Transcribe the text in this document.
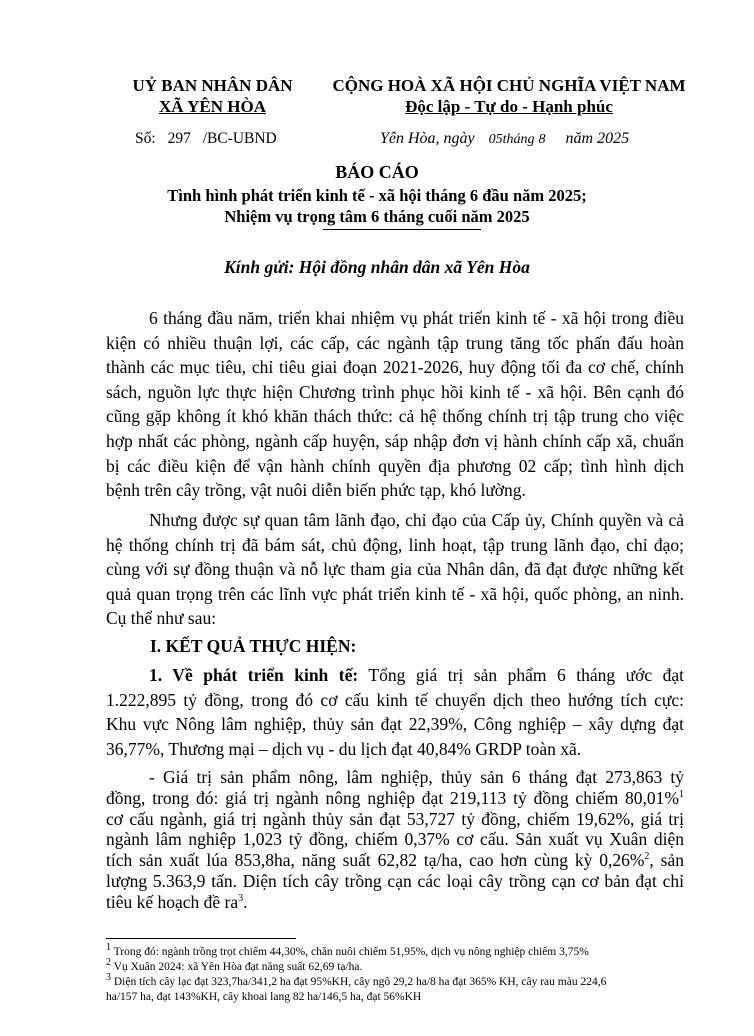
UỶ BAN NHÂN DÂN
XÃ YÊN HÒA
CỘNG HOÀ XÃ HỘI CHỦ NGHĨA VIỆT NAM
Độc lập - Tự do - Hạnh phúc
Số: 297 /BC-UBND	Yên Hòa, ngày 05tháng 8 năm 2025
BÁO CÁO
Tình hình phát triển kinh tế - xã hội tháng 6 đầu năm 2025;
Nhiệm vụ trọng tâm 6 tháng cuối năm 2025
Kính gửi: Hội đồng nhân dân xã Yên Hòa
6 tháng đầu năm, triển khai nhiệm vụ phát triển kinh tế - xã hội trong điều
kiện có nhiều thuận lợi, các cấp, các ngành tập trung tăng tốc phấn đấu hoàn
thành các mục tiêu, chỉ tiêu giai đoạn 2021-2026, huy động tối đa cơ chế, chính
sách, nguồn lực thực hiện Chương trình phục hồi kinh tế - xã hội. Bên cạnh đó
cũng gặp không ít khó khăn thách thức: cả hệ thống chính trị tập trung cho việc
hợp nhất các phòng, ngành cấp huyện, sáp nhập đơn vị hành chính cấp xã, chuẩn
bị các điều kiện để vận hành chính quyền địa phương 02 cấp; tình hình dịch
bệnh trên cây trồng, vật nuôi diễn biến phức tạp, khó lường.
Nhưng được sự quan tâm lãnh đạo, chỉ đạo của Cấp ủy, Chính quyền và cả
hệ thống chính trị đã bám sát, chủ động, linh hoạt, tập trung lãnh đạo, chỉ đạo;
cùng với sự đồng thuận và nỗ lực tham gia của Nhân dân, đã đạt được những kết
quả quan trọng trên các lĩnh vực phát triển kinh tế - xã hội, quốc phòng, an ninh.
Cụ thể như sau:
I. KẾT QUẢ THỰC HIỆN:
1. Về phát triển kinh tế: Tổng giá trị sản phẩm 6 tháng ước đạt
1.222,895 tỷ đồng, trong đó cơ cấu kinh tế chuyển dịch theo hướng tích cực:
Khu vực Nông lâm nghiệp, thủy sản đạt 22,39%, Công nghiệp – xây dựng đạt
36,77%, Thương mại – dịch vụ - du lịch đạt 40,84% GRDP toàn xã.
- Giá trị sản phẩm nông, lâm nghiệp, thủy sản 6 tháng đạt 273,863 tỷ
đồng, trong đó: giá trị ngành nông nghiệp đạt 219,113 tỷ đồng chiếm 80,01%$^1$
cơ cấu ngành, giá trị ngành thủy sản đạt 53,727 tỷ đồng, chiếm 19,62%, giá trị
ngành lâm nghiệp 1,023 tỷ đồng, chiếm 0,37% cơ cấu. Sản xuất vụ Xuân diện
tích sản xuất lúa 853,8ha, năng suất 62,82 tạ/ha, cao hơn cùng kỳ 0,26%$^2$, sản
lượng 5.363,9 tấn. Diện tích cây trồng cạn các loại cây trồng cạn cơ bản đạt chỉ
tiêu kế hoạch đề $ra^3$.
$^1$ Trong đó: ngành trồng trọt chiếm 44,30%, chăn nuôi chiếm 51,95%, dịch vụ nông nghiệp chiếm 3,75%
$^2$ Vụ Xuân 2024: xã Yên Hòa đạt năng suất 62,69 tạ/ha.
$^3$ Diện tích cây lạc đạt 323,7ha/341,2 ha đạt 95%KH, cây ngô 29,2 ha/8 ha đạt 365% KH, cây rau màu 224,6
ha/157 ha, đạt 143%KH, cây khoai lang 82 ha/146,5 ha, đạt 56%KH
